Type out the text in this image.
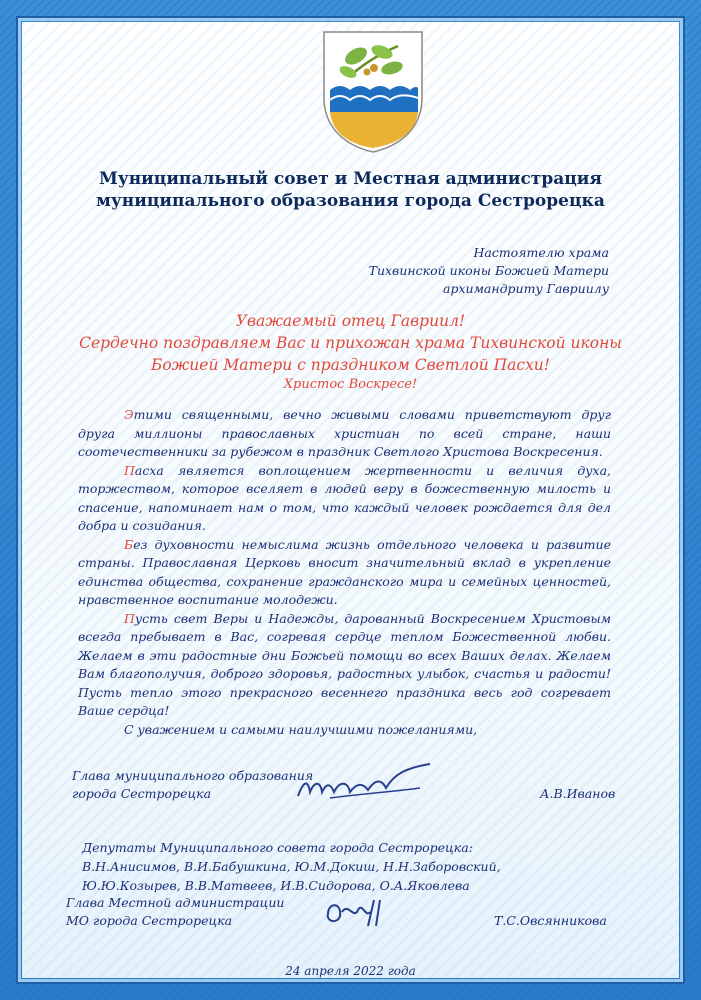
Муниципальный совет и Местная администрация
муниципального образования города Сестрорецка
Настоятелю храма
Тихвинской иконы Божией Матери
архимандриту Гавриилу
Уважаемый отец Гавриил!
Сердечно поздравляем Вас и прихожан храма Тихвинской иконы
Божией Матери с праздником Светлой Пасхи!
Христос Воскресе!

Этими священными, вечно живыми словами приветствуют друг друга миллионы православных христиан по всей стране, наши соотечественники за рубежом в праздник Светлого Христова Воскресения.

Пасха является воплощением жертвенности и величия духа, торжеством, которое вселяет в людей веру в божественную милость и спасение, напоминает нам о том, что каждый человек рождается для дел добра и созидания.

Без духовности немыслима жизнь отдельного человека и развитие страны. Православная Церковь вносит значительный вклад в укрепление единства общества, сохранение гражданского мира и семейных ценностей, нравственное воспитание молодежи.

Пусть свет Веры и Надежды, дарованный Воскресением Христовым всегда пребывает в Вас, согревая сердце теплом Божественной любви. Желаем в эти радостные дни Божьей помощи во всех Ваших делах. Желаем Вам благополучия, доброго здоровья, радостных улыбок, счастья и радости! Пусть тепло этого прекрасного весеннего праздника весь год согревает Ваше сердца!

С уважением и самыми наилучшими пожеланиями,

Глава муниципального образования
города Сестрорецка	А.В.Иванов
Депутаты Муниципального совета города Сестрорецка:
В.Н.Анисимов, В.И.Бабушкина, Ю.М.Докиш, Н.Н.Заборовский,
Ю.Ю.Козырев, В.В.Матвеев, И.В.Сидорова, О.А.Яковлева
Глава Местной администрации
МО города Сестрорецка	Т.С.Овсянникова
24 апреля 2022 года
